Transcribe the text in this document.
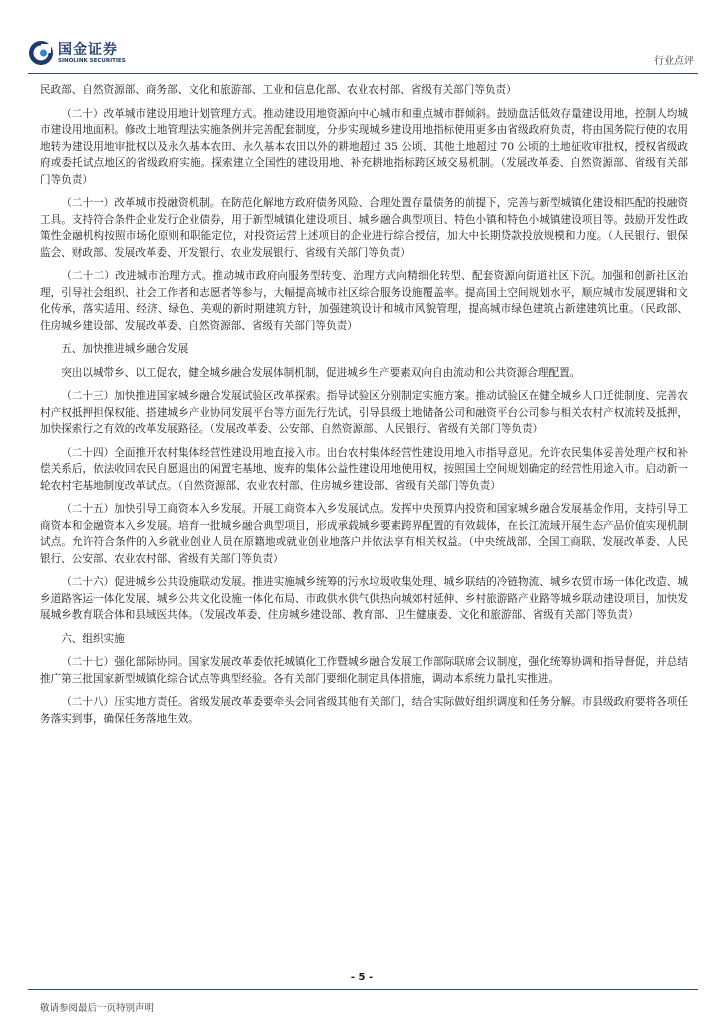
国金证券
SINOLINK SECURITIES	行业点评

民政部、自然资源部、商务部、文化和旅游部、工业和信息化部、农业农村部、省级有关部门等负责）

（二十）改革城市建设用地计划管理方式。推动建设用地资源向中心城市和重点城市群倾斜。鼓励盘活低效存量建设用地，控制人均城市建设用地面积。修改土地管理法实施条例并完善配套制度，分步实现城乡建设用地指标使用更多由省级政府负责，将由国务院行使的农用地转为建设用地审批权以及永久基本农田、永久基本农田以外的耕地超过 35 公顷、其他土地超过 70 公顷的土地征收审批权，授权省级政府或委托试点地区的省级政府实施。探索建立全国性的建设用地、补充耕地指标跨区域交易机制。（发展改革委、自然资源部、省级有关部门等负责）

（二十一）改革城市投融资机制。在防范化解地方政府债务风险、合理处置存量债务的前提下，完善与新型城镇化建设相匹配的投融资工具。支持符合条件企业发行企业债券，用于新型城镇化建设项目、城乡融合典型项目、特色小镇和特色小城镇建设项目等。鼓励开发性政策性金融机构按照市场化原则和职能定位，对投资运营上述项目的企业进行综合授信，加大中长期贷款投放规模和力度。（人民银行、银保监会、财政部、发展改革委、开发银行、农业发展银行、省级有关部门等负责）

（二十二）改进城市治理方式。推动城市政府向服务型转变、治理方式向精细化转型、配套资源向街道社区下沉。加强和创新社区治理，引导社会组织、社会工作者和志愿者等参与，大幅提高城市社区综合服务设施覆盖率。提高国土空间规划水平，顺应城市发展逻辑和文化传承，落实适用、经济、绿色、美观的新时期建筑方针，加强建筑设计和城市风貌管理，提高城市绿色建筑占新建建筑比重。（民政部、住房城乡建设部、发展改革委、自然资源部、省级有关部门等负责）

五、加快推进城乡融合发展

突出以城带乡、以工促农，健全城乡融合发展体制机制，促进城乡生产要素双向自由流动和公共资源合理配置。

（二十三）加快推进国家城乡融合发展试验区改革探索。指导试验区分别制定实施方案。推动试验区在健全城乡人口迁徙制度、完善农村产权抵押担保权能、搭建城乡产业协同发展平台等方面先行先试，引导县级土地储备公司和融资平台公司参与相关农村产权流转及抵押，加快探索行之有效的改革发展路径。（发展改革委、公安部、自然资源部、人民银行、省级有关部门等负责）

（二十四）全面推开农村集体经营性建设用地直接入市。出台农村集体经营性建设用地入市指导意见。允许农民集体妥善处理产权和补偿关系后，依法收回农民自愿退出的闲置宅基地、废弃的集体公益性建设用地使用权，按照国土空间规划确定的经营性用途入市。启动新一轮农村宅基地制度改革试点。（自然资源部、农业农村部、住房城乡建设部、省级有关部门等负责）

（二十五）加快引导工商资本入乡发展。开展工商资本入乡发展试点。发挥中央预算内投资和国家城乡融合发展基金作用，支持引导工商资本和金融资本入乡发展。培育一批城乡融合典型项目，形成承载城乡要素跨界配置的有效载体，在长江流域开展生态产品价值实现机制试点。允许符合条件的入乡就业创业人员在原籍地或就业创业地落户并依法享有相关权益。（中央统战部、全国工商联、发展改革委、人民银行、公安部、农业农村部、省级有关部门等负责）

（二十六）促进城乡公共设施联动发展。推进实施城乡统筹的污水垃圾收集处理、城乡联结的冷链物流、城乡农贸市场一体化改造、城乡道路客运一体化发展、城乡公共文化设施一体化布局、市政供水供气供热向城郊村延伸、乡村旅游路产业路等城乡联动建设项目，加快发展城乡教育联合体和县域医共体。（发展改革委、住房城乡建设部、教育部、卫生健康委、文化和旅游部、省级有关部门等负责）

六、组织实施

（二十七）强化部际协同。国家发展改革委依托城镇化工作暨城乡融合发展工作部际联席会议制度，强化统筹协调和指导督促，并总结推广第三批国家新型城镇化综合试点等典型经验。各有关部门要细化制定具体措施，调动本系统力量扎实推进。

（二十八）压实地方责任。省级发展改革委要牵头会同省级其他有关部门，结合实际做好组织调度和任务分解。市县级政府要将各项任务落实到事，确保任务落地生效。

- 5 -
敬请参阅最后一页特别声明
